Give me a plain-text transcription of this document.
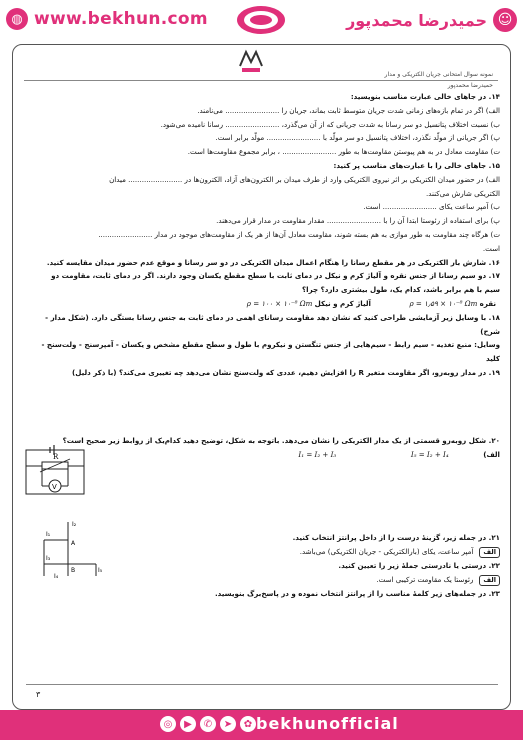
◍ www.bekhun.com	☺
حمیدرضا محمدپور
نمونه سوال امتحانی جریان الکتریکی و مدار
حمیدرضا محمدپور

۱۴. در جاهای خالی عبارت مناسب بنویسید:

الف) اگر در تمام بازه‌های زمانی شدت جریان متوسط ثابت بماند، جریان را ........................ می‌نامند.

ب) نسبت اختلاف پتانسیل دو سر رسانا به شدت جریانی که از آن می‌گذرد، ........................ رسانا نامیده می‌شود.

پ) اگر جریانی از مولّد نگذرد، اختلاف پتانسیل دو سر مولّد با ........................ مولّد برابر است.

ت) مقاومت معادل در به هم پیوستن مقاومت‌ها به طور ........................ ، برابر مجموع مقاومت‌ها است.

۱۵. جاهای خالی را با عبارت‌های مناسب پر کنید:

الف) در حضور میدان الکتریکی بر اثر نیروی الکتریکی وارد از طرف میدان بر الکترون‌های آزاد، الکترون‌ها در ........................ میدان

الکتریکی شارش می‌کنند.

ب) آمپر ساعت یکای ........................ است.

پ) برای استفاده از رئوستا ابتدا آن را با ........................ مقدار مقاومت در مدار قرار می‌دهند.

ت) هرگاه چند مقاومت به طور موازی به هم بسته شوند، مقاومت معادل آن‌ها از هر یک از مقاومت‌های موجود در مدار ........................

است.

۱۶. شارش بار الکتریکی در هر مقطع رسانا را هنگام اعمال میدان الکتریکی در دو سر رسانا و موقع عدم حضور میدان مقایسه کنید.

۱۷. دو سیم رسانا از جنس نقره و آلیاژ کرم و نیکل در دمای ثابت با سطح مقطع یکسان وجود دارند. اگر در دمای ثابت، مقاومت دو

سیم با هم برابر باشد، کدام یک، طول بیشتری دارد؟ چرا؟

نقره ρ = ۱٫۵۹ × ۱۰⁻⁸ Ωm  آلیاژ کرم و نیکل ρ = ۱۰۰ × ۱۰⁻⁸ Ωm

۱۸. با وسایل زیر آزمایشی طراحی کنید که نشان دهد مقاومت رسانای اهمی در دمای ثابت به جنس رسانا بستگی دارد. (شکل مدار -

شرح)

وسایل: منبع تغذیه - سیم رابط - سیم‌هایی از جنس تنگستن و نیکروم با طول و سطح مقطع مشخص و یکسان - آمپرسنج - ولت‌سنج -

کلید

۱۹. در مدار روبه‌رو، اگر مقاومت متغیر R را افزایش دهیم، عددی که ولت‌سنج نشان می‌دهد چه تغییری می‌کند؟ (با ذکر دلیل)

۲۰. شکل روبه‌رو قسمتی از یک مدار الکتریکی را نشان می‌دهد. باتوجه به شکل، توضیح دهید کدام‌یک از روابط زیر صحیح است؟

الف)  I₁ = I₂ + I₃	I₅ = I₂ + I₄

۲۱. در جمله زیر، گزینهٔ درست را از داخل پرانتز انتخاب کنید.

الفآمپر ساعت، یکای (بارالکتریکی - جریان الکتریکی) می‌باشد.

۲۲. درستی یا نادرستی جملهٔ زیر را تعیین کنید.

الفرئوستا یک مقاومت ترکیبی است.

۲۳. در جمله‌های زیر کلمهٔ مناسب را از پرانتز انتخاب نموده و در پاسخ‌برگ بنویسید.

R
V
I₂
I₁
A
I₃
B
I₄
I₅
۳
◎	▶	✆	➤	✿ bekhunofficial
